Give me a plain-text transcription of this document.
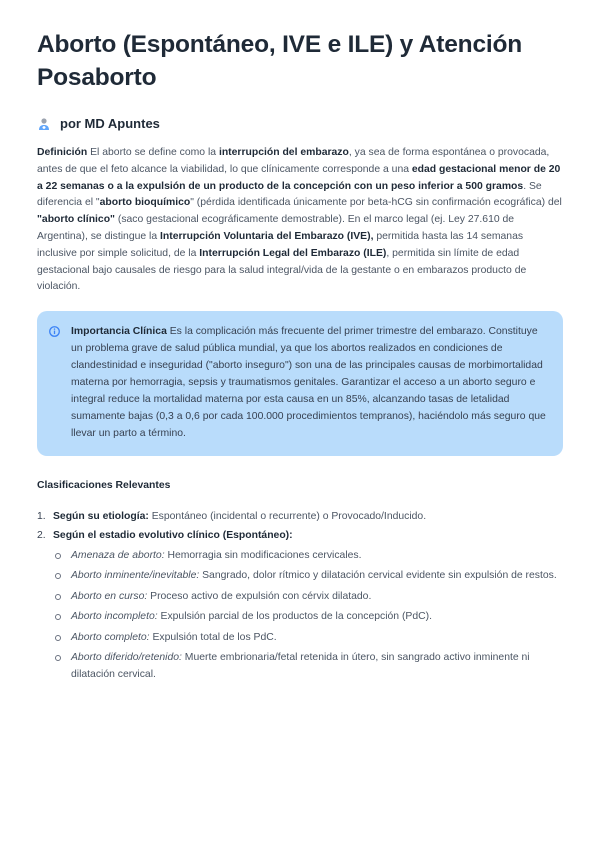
Aborto (Espontáneo, IVE e ILE) y Atención Posaborto
por MD Apuntes

Definición El aborto se define como la interrupción del embarazo, ya sea de forma espontánea o provocada, antes de que el feto alcance la viabilidad, lo que clínicamente corresponde a una edad gestacional menor de 20 a 22 semanas o a la expulsión de un producto de la concepción con un peso inferior a 500 gramos. Se diferencia el "aborto bioquímico" (pérdida identificada únicamente por beta-hCG sin confirmación ecográfica) del "aborto clínico" (saco gestacional ecográficamente demostrable). En el marco legal (ej. Ley 27.610 de Argentina), se distingue la Interrupción Voluntaria del Embarazo (IVE), permitida hasta las 14 semanas inclusive por simple solicitud, de la Interrupción Legal del Embarazo (ILE), permitida sin límite de edad gestacional bajo causales de riesgo para la salud integral/vida de la gestante o en embarazos producto de violación.

Importancia Clínica Es la complicación más frecuente del primer trimestre del embarazo. Constituye un problema grave de salud pública mundial, ya que los abortos realizados en condiciones de clandestinidad e inseguridad ("aborto inseguro") son una de las principales causas de morbimortalidad materna por hemorragia, sepsis y traumatismos genitales. Garantizar el acceso a un aborto seguro e integral reduce la mortalidad materna por esta causa en un 85%, alcanzando tasas de letalidad sumamente bajas (0,3 a 0,6 por cada 100.000 procedimientos tempranos), haciéndolo más seguro que llevar un parto a término.
Clasificaciones Relevantes
1. Según su etiología: Espontáneo (incidental o recurrente) o Provocado/Inducido.
2. Según el estadio evolutivo clínico (Espontáneo):
Amenaza de aborto: Hemorragia sin modificaciones cervicales.
Aborto inminente/inevitable: Sangrado, dolor rítmico y dilatación cervical evidente sin expulsión de restos.
Aborto en curso: Proceso activo de expulsión con cérvix dilatado.
Aborto incompleto: Expulsión parcial de los productos de la concepción (PdC).
Aborto completo: Expulsión total de los PdC.
Aborto diferido/retenido: Muerte embrionaria/fetal retenida in útero, sin sangrado activo inminente ni dilatación cervical.
